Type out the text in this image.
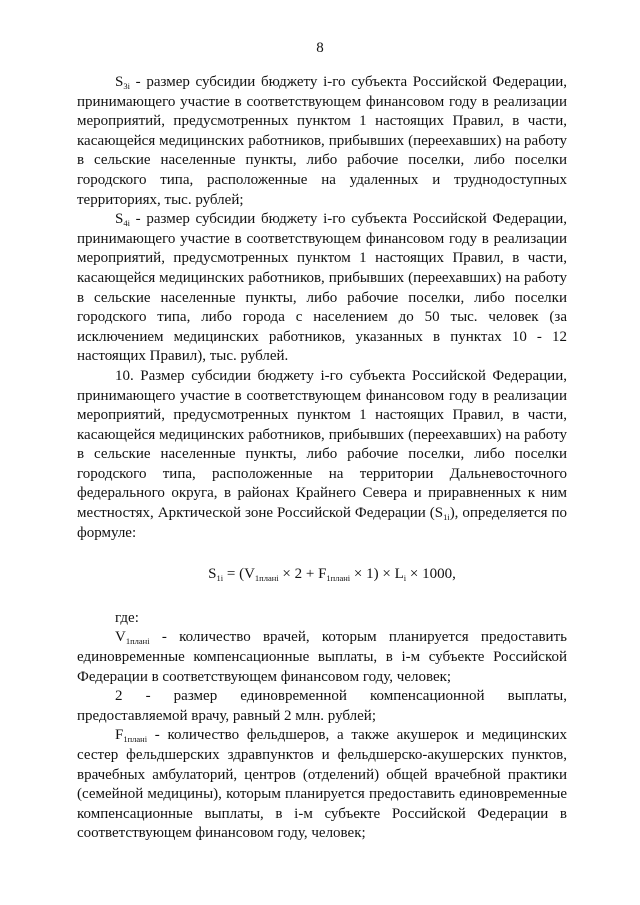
8

$S_{3i}$ - размер субсидии бюджету i-го субъекта Российской Федерации, принимающего участие в соответствующем финансовом году в реализации мероприятий, предусмотренных пунктом 1 настоящих Правил, в части, касающейся медицинских работников, прибывших (переехавших) на работу в сельские населенные пункты, либо рабочие поселки, либо поселки городского типа, расположенные на удаленных и труднодоступных территориях, тыс. рублей;

$S_{4i}$ - размер субсидии бюджету i-го субъекта Российской Федерации, принимающего участие в соответствующем финансовом году в реализации мероприятий, предусмотренных пунктом 1 настоящих Правил, в части, касающейся медицинских работников, прибывших (переехавших) на работу в сельские населенные пункты, либо рабочие поселки, либо поселки городского типа, либо города с населением до 50 тыс. человек (за исключением медицинских работников, указанных в пунктах 10 - 12 настоящих Правил), тыс. рублей.

10. Размер субсидии бюджету i-го субъекта Российской Федерации, принимающего участие в соответствующем финансовом году в реализации мероприятий, предусмотренных пунктом 1 настоящих Правил, в части, касающейся медицинских работников, прибывших (переехавших) на работу в сельские населенные пункты, либо рабочие поселки, либо поселки городского типа, расположенные на территории Дальневосточного федерального округа, в районах Крайнего Севера и приравненных к ним местностях, Арктической зоне Российской Федерации $(S_{1i})$, определяется по формуле:

$S_{1i} = (V_{1плані} \times 2 + F_{1плані} \times 1) \times L_i \times 1000$,

где:

$V_{1плані}$ - количество врачей, которым планируется предоставить единовременные компенсационные выплаты, в i-м субъекте Российской Федерации в соответствующем финансовом году, человек;

2 - размер единовременной компенсационной выплаты, предоставляемой врачу, равный 2 млн. рублей;

$F_{1плані}$ - количество фельдшеров, а также акушерок и медицинских сестер фельдшерских здравпунктов и фельдшерско-акушерских пунктов, врачебных амбулаторий, центров (отделений) общей врачебной практики (семейной медицины), которым планируется предоставить единовременные компенсационные выплаты, в i-м субъекте Российской Федерации в соответствующем финансовом году, человек;
